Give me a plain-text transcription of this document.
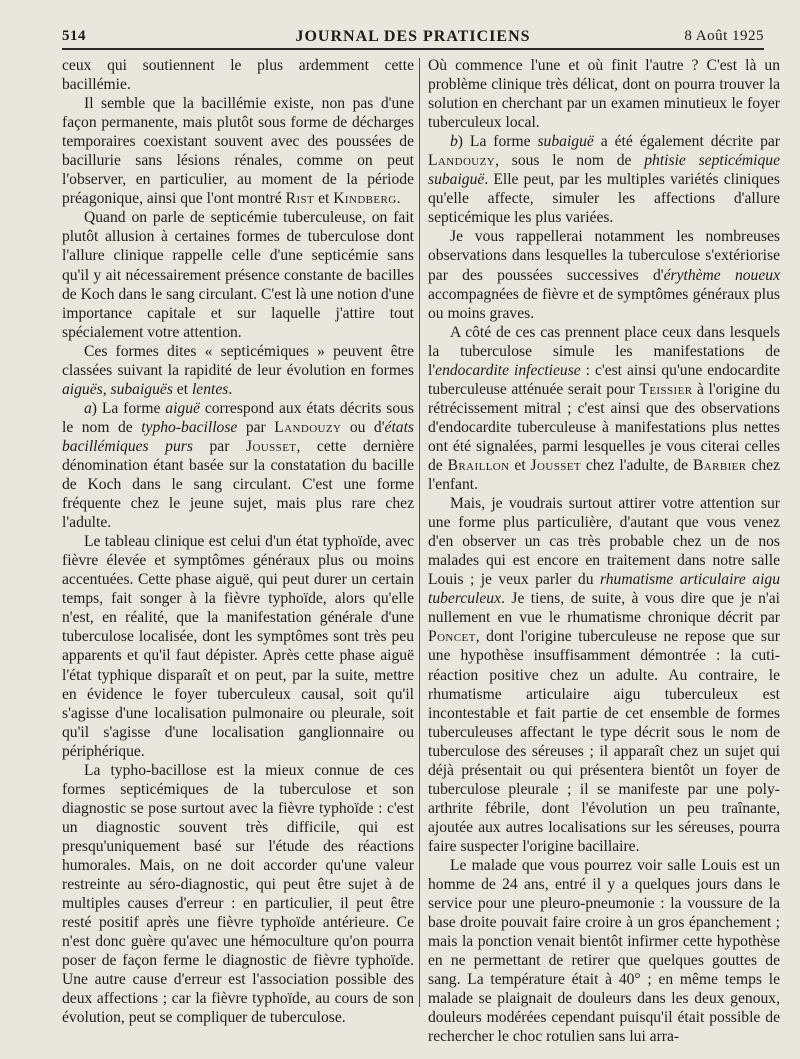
514	JOURNAL DES PRATICIENS	8 Août 1925

ceux qui soutiennent le plus ardemment cette bacillémie.

Il semble que la bacillémie existe, non pas d'une façon permanente, mais plutôt sous forme de décharges temporaires coexistant souvent avec des poussées de bacillurie sans lésions rénales, comme on peut l'observer, en particulier, au moment de la période préagonique, ainsi que l'ont montré Rist et Kindberg.

Quand on parle de septicémie tuberculeuse, on fait plutôt allusion à certaines formes de tuberculose dont l'allure clinique rappelle celle d'une septicémie sans qu'il y ait nécessairement présence constante de bacilles de Koch dans le sang circulant. C'est là une notion d'une importance capitale et sur laquelle j'attire tout spécialement votre attention.

Ces formes dites « septicémiques » peuvent être classées suivant la rapidité de leur évolution en formes aiguës, subaiguës et lentes.

a) La forme aiguë correspond aux états décrits sous le nom de typho-bacillose par Landouzy ou d'états bacillémiques purs par Jousset, cette dernière dénomination étant basée sur la constatation du bacille de Koch dans le sang circulant. C'est une forme fréquente chez le jeune sujet, mais plus rare chez l'adulte.

Le tableau clinique est celui d'un état typhoïde, avec fièvre élevée et symptômes généraux plus ou moins accentuées. Cette phase aiguë, qui peut durer un certain temps, fait songer à la fièvre typhoïde, alors qu'elle n'est, en réalité, que la manifestation générale d'une tuberculose localisée, dont les symptômes sont très peu apparents et qu'il faut dépister. Après cette phase aiguë l'état typhique disparaît et on peut, par la suite, mettre en évidence le foyer tuberculeux causal, soit qu'il s'agisse d'une localisation pulmonaire ou pleurale, soit qu'il s'agisse d'une localisation ganglionnaire ou périphérique.

La typho-bacillose est la mieux connue de ces formes septicémiques de la tuberculose et son diagnostic se pose surtout avec la fièvre typhoïde : c'est un diagnostic souvent très difficile, qui est presqu'uniquement basé sur l'étude des réactions humorales. Mais, on ne doit accorder qu'une valeur restreinte au séro-diagnostic, qui peut être sujet à de multiples causes d'erreur : en particulier, il peut être resté positif après une fièvre typhoïde antérieure. Ce n'est donc guère qu'avec une hémoculture qu'on pourra poser de façon ferme le diagnostic de fièvre typhoïde. Une autre cause d'erreur est l'association possible des deux affections ; car la fièvre typhoïde, au cours de son évolution, peut se compliquer de tuberculose.

Où commence l'une et où finit l'autre ? C'est là un problème clinique très délicat, dont on pourra trouver la solution en cherchant par un examen minutieux le foyer tuberculeux local.

b) La forme subaiguë a été également décrite par Landouzy, sous le nom de phtisie septicémique subaiguë. Elle peut, par les multiples variétés cliniques qu'elle affecte, simuler les affections d'allure septicémique les plus variées.

Je vous rappellerai notamment les nombreuses observations dans lesquelles la tuberculose s'extériorise par des poussées successives d'érythème noueux accompagnées de fièvre et de symptômes généraux plus ou moins graves.

A côté de ces cas prennent place ceux dans lesquels la tuberculose simule les manifestations de l'endocardite infectieuse : c'est ainsi qu'une endocardite tuberculeuse atténuée serait pour Teissier à l'origine du rétrécissement mitral ; c'est ainsi que des observations d'endocardite tuberculeuse à manifestations plus nettes ont été signalées, parmi lesquelles je vous citerai celles de Braillon et Jousset chez l'adulte, de Barbier chez l'enfant.

Mais, je voudrais surtout attirer votre attention sur une forme plus particulière, d'autant que vous venez d'en observer un cas très probable chez un de nos malades qui est encore en traitement dans notre salle Louis ; je veux parler du rhumatisme articulaire aigu tuberculeux. Je tiens, de suite, à vous dire que je n'ai nullement en vue le rhumatisme chronique décrit par Poncet, dont l'origine tuberculeuse ne repose que sur une hypothèse insuffisamment démontrée : la cuti-réaction positive chez un adulte. Au contraire, le rhumatisme articulaire aigu tuberculeux est incontestable et fait partie de cet ensemble de formes tuberculeuses affectant le type décrit sous le nom de tuberculose des séreuses ; il apparaît chez un sujet qui déjà présentait ou qui présentera bientôt un foyer de tuberculose pleurale ; il se manifeste par une poly-arthrite fébrile, dont l'évolution un peu traînante, ajoutée aux autres localisations sur les séreuses, pourra faire suspecter l'origine bacillaire.

Le malade que vous pourrez voir salle Louis est un homme de 24 ans, entré il y a quelques jours dans le service pour une pleuro-pneumonie : la voussure de la base droite pouvait faire croire à un gros épanchement ; mais la ponction venait bientôt infirmer cette hypothèse en ne permettant de retirer que quelques gouttes de sang. La température était à 40° ; en même temps le malade se plaignait de douleurs dans les deux genoux, douleurs modérées cependant puisqu'il était possible de rechercher le choc rotulien sans lui arra-
